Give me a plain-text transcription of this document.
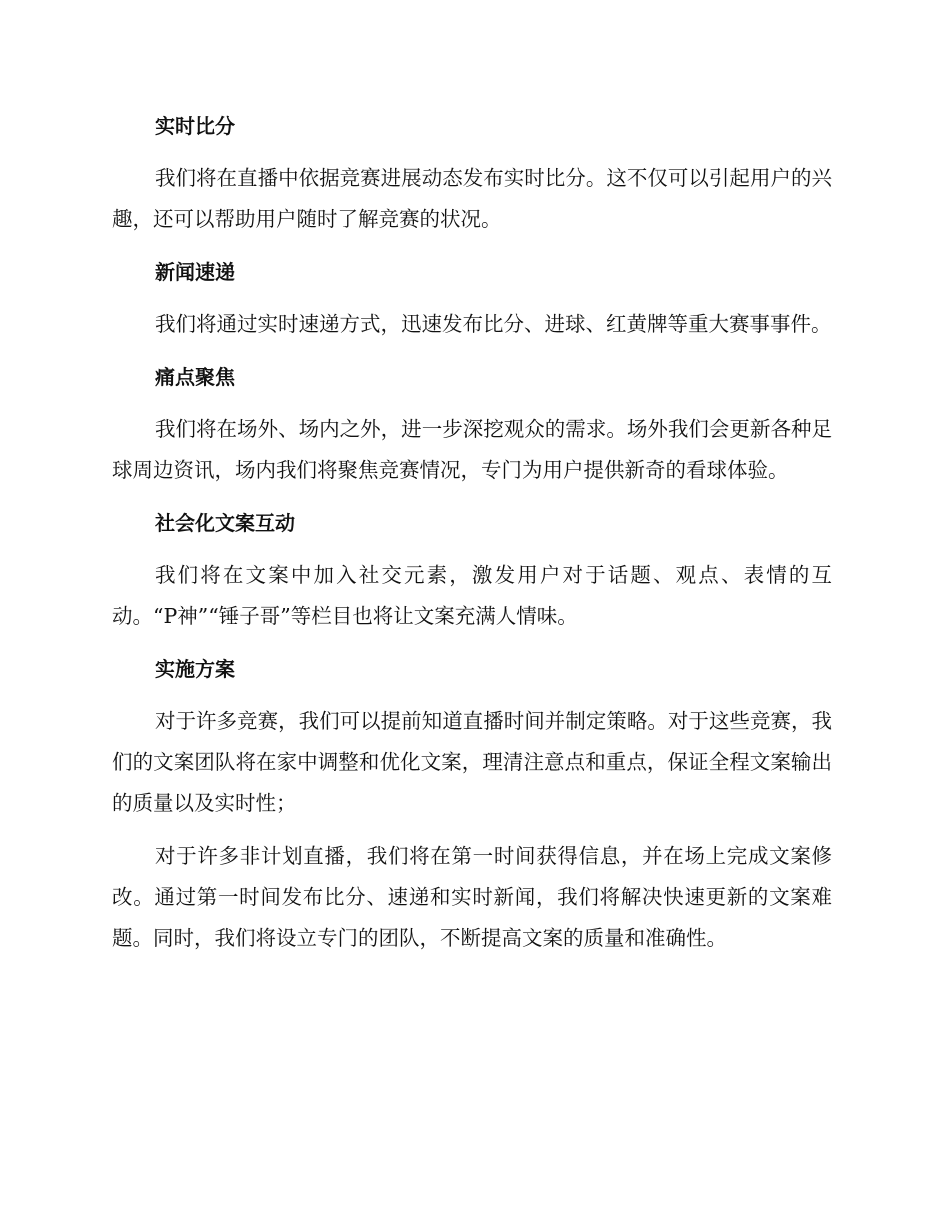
实时比分

我们将在直播中依据竞赛进展动态发布实时比分。这不仅可以引起用户的兴趣，还可以帮助用户随时了解竞赛的状况。

新闻速递

我们将通过实时速递方式，迅速发布比分、进球、红黄牌等重大赛事事件。

痛点聚焦

我们将在场外、场内之外，进一步深挖观众的需求。场外我们会更新各种足球周边资讯，场内我们将聚焦竞赛情况，专门为用户提供新奇的看球体验。

社会化文案互动

我们将在文案中加入社交元素，激发用户对于话题、观点、表情的互动。“P神”“锤子哥”等栏目也将让文案充满人情味。

实施方案

对于许多竞赛，我们可以提前知道直播时间并制定策略。对于这些竞赛，我们的文案团队将在家中调整和优化文案，理清注意点和重点，保证全程文案输出的质量以及实时性；

对于许多非计划直播，我们将在第一时间获得信息，并在场上完成文案修改。通过第一时间发布比分、速递和实时新闻，我们将解决快速更新的文案难题。同时，我们将设立专门的团队，不断提高文案的质量和准确性。
